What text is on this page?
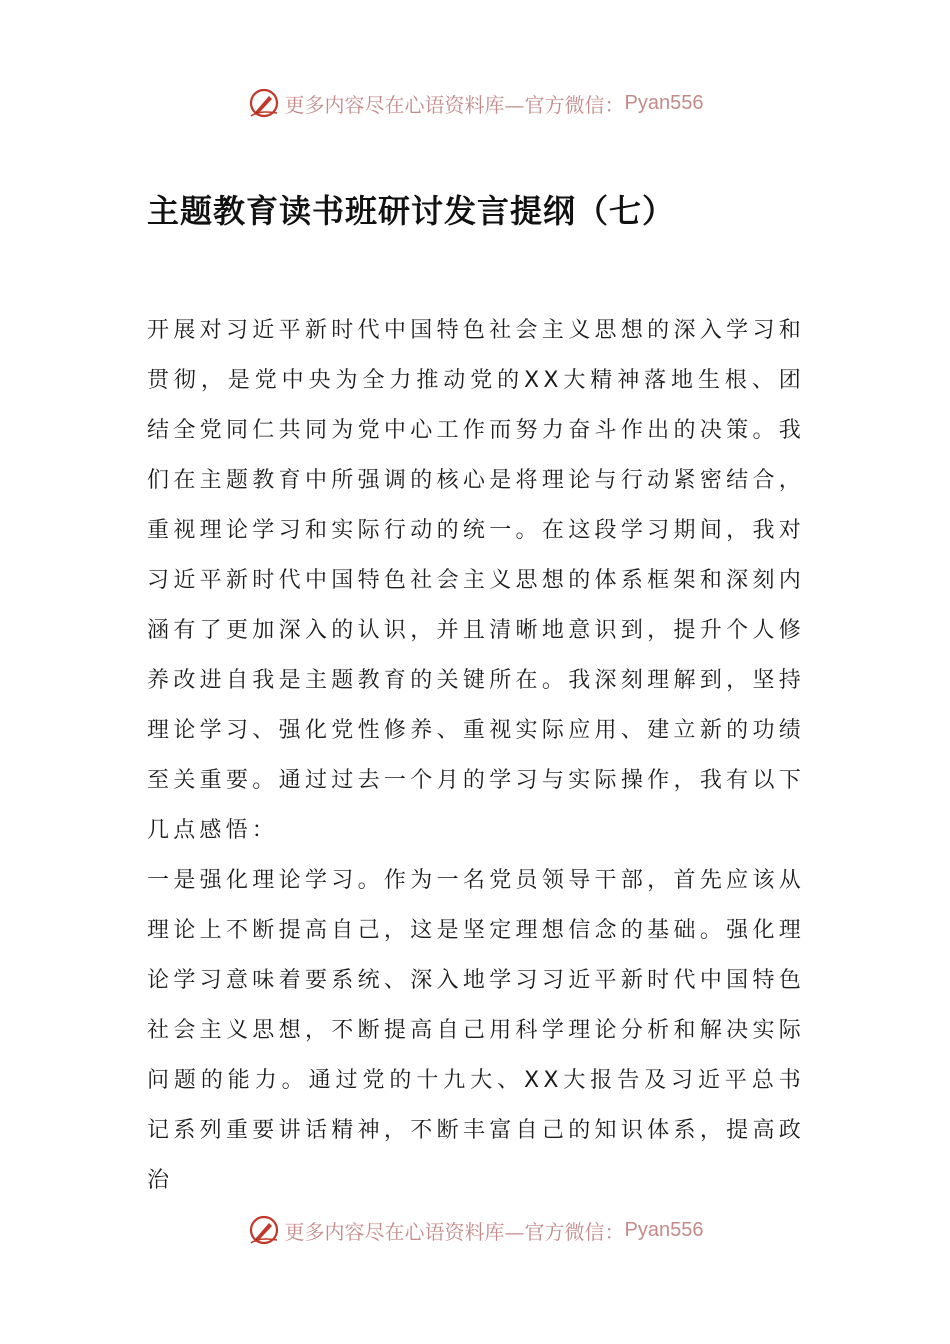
更多内容尽在心语资料库—官方微信： Pyan556
主题教育读书班研讨发言提纲（七）

开展对习近平新时代中国特色社会主义思想的深入学习和贯彻，是党中央为全力推动党的XX大精神落地生根、团结全党同仁共同为党中心工作而努力奋斗作出的决策。我们在主题教育中所强调的核心是将理论与行动紧密结合，重视理论学习和实际行动的统一。在这段学习期间，我对习近平新时代中国特色社会主义思想的体系框架和深刻内涵有了更加深入的认识，并且清晰地意识到，提升个人修养改进自我是主题教育的关键所在。我深刻理解到，坚持理论学习、强化党性修养、重视实际应用、建立新的功绩至关重要。通过过去一个月的学习与实际操作，我有以下几点感悟：

一是强化理论学习。作为一名党员领导干部，首先应该从理论上不断提高自己，这是坚定理想信念的基础。强化理论学习意味着要系统、深入地学习习近平新时代中国特色社会主义思想，不断提高自己用科学理论分析和解决实际问题的能力。通过党的十九大、XX大报告及习近平总书记系列重要讲话精神，不断丰富自己的知识体系，提高政治

更多内容尽在心语资料库—官方微信： Pyan556
